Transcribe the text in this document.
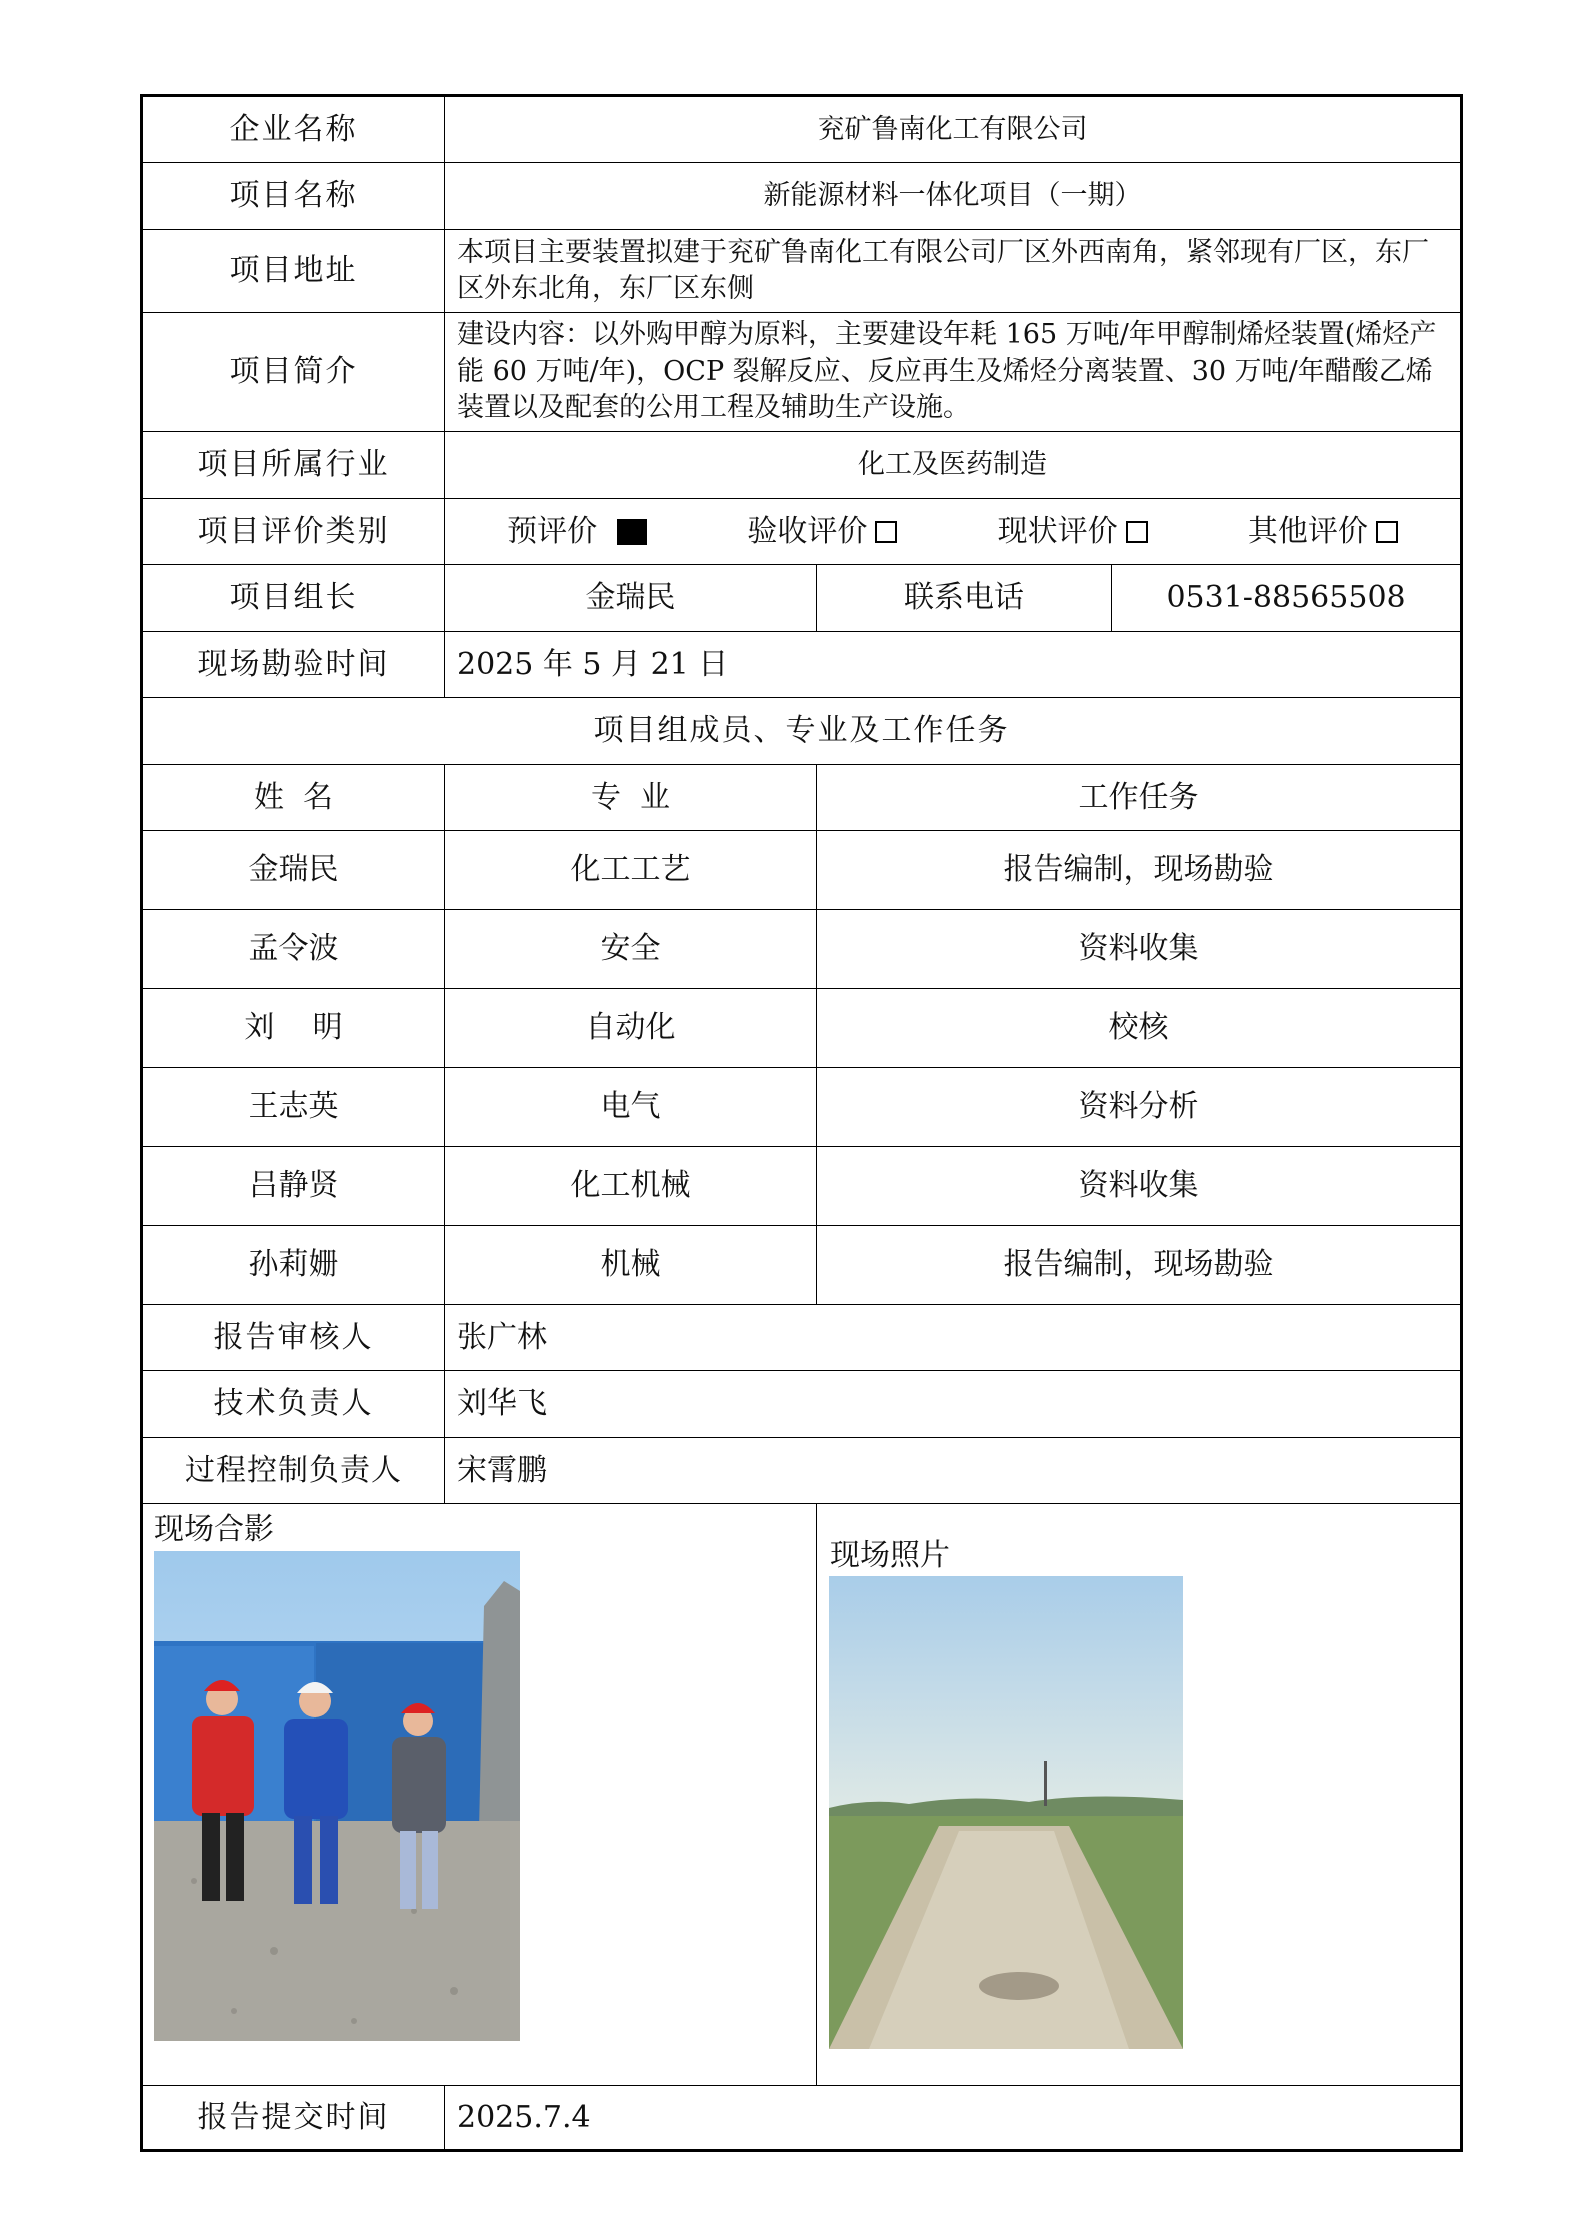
企业名称	兖矿鲁南化工有限公司		
项目名称	新能源材料一体化项目（一期）		
项目地址	本项目主要装置拟建于兖矿鲁南化工有限公司厂区外西南角，紧邻现有厂区，东厂区外东北角，东厂区东侧		
项目简介	建设内容：以外购甲醇为原料，主要建设年耗 165 万吨/年甲醇制烯烃装置(烯烃产能 60 万吨/年)，OCP 裂解反应、反应再生及烯烃分离装置、30 万吨/年醋酸乙烯装置以及配套的公用工程及辅助生产设施。		
项目所属行业	化工及医药制造		
项目评价类别	预评价 验收评价 现状评价 其他评价		

项目组长	金瑞民	联系电话	0531-88565508
现场勘验时间	2025 年 5 月 21 日		
项目组成员、专业及工作任务			
姓  名	专  业	工作任务	
金瑞民	化工工艺	报告编制，现场勘验	
孟令波	安全	资料收集	
刘    明	自动化	校核	
王志英	电气	资料分析	
吕静贤	化工机械	资料收集	
孙莉姗	机械	报告编制，现场勘验	
报告审核人	张广林		
技术负责人	刘华飞		
过程控制负责人	宋霄鹏		

现场合影		现场照片	

报告提交时间	2025.7.4		
